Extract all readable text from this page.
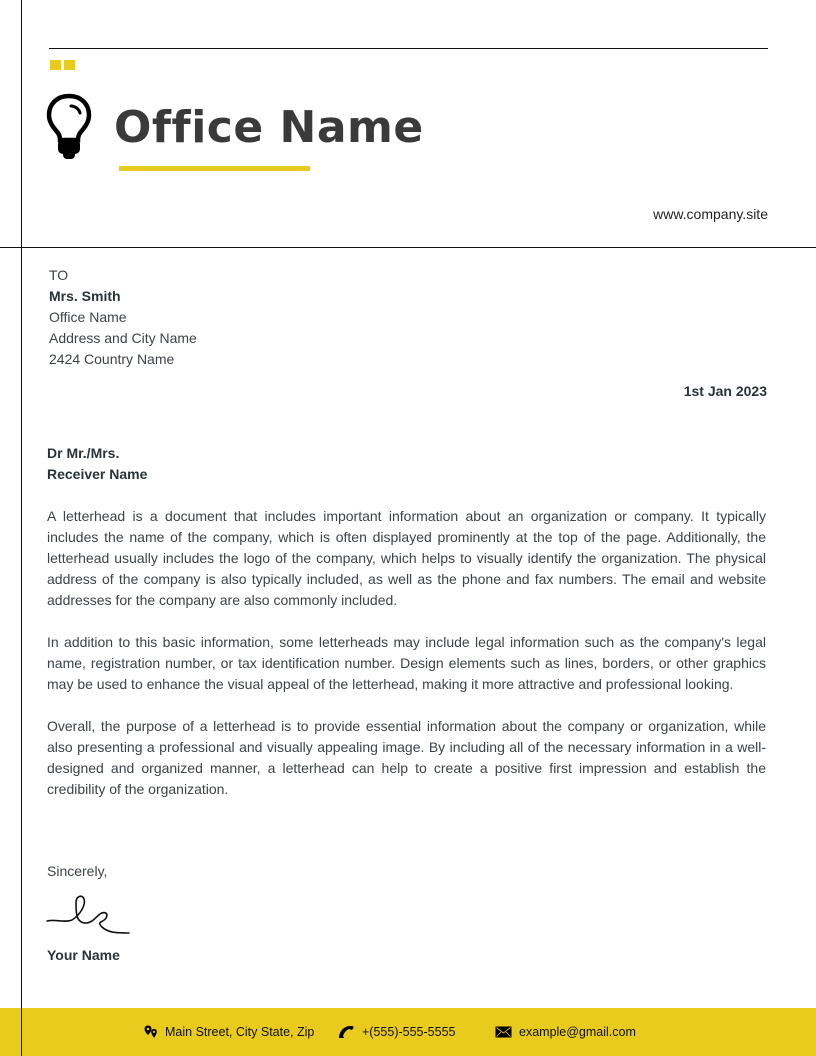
Office Name
www.company.site
TO
Mrs. Smith
Office Name
Address and City Name
2424 Country Name
1st Jan 2023
Dr Mr./Mrs.
Receiver Name

A letterhead is a document that includes important information about an organization or company. It typically includes the name of the company, which is often displayed prominently at the top of the page. Additionally, the letterhead usually includes the logo of the company, which helps to visually identify the organization. The physical address of the company is also typically included, as well as the phone and fax numbers. The email and website addresses for the company are also commonly included.

In addition to this basic information, some letterheads may include legal information such as the company's legal name, registration number, or tax identification number. Design elements such as lines, borders, or other graphics may be used to enhance the visual appeal of the letterhead, making it more attractive and professional looking.

Overall, the purpose of a letterhead is to provide essential information about the company or organization, while also presenting a professional and visually appealing image. By including all of the necessary information in a well-designed and organized manner, a letterhead can help to create a positive first impression and establish the credibility of the organization.

Sincerely,
Your Name
Main Street, City State, Zip	+(555)-555-5555	example@gmail.com
